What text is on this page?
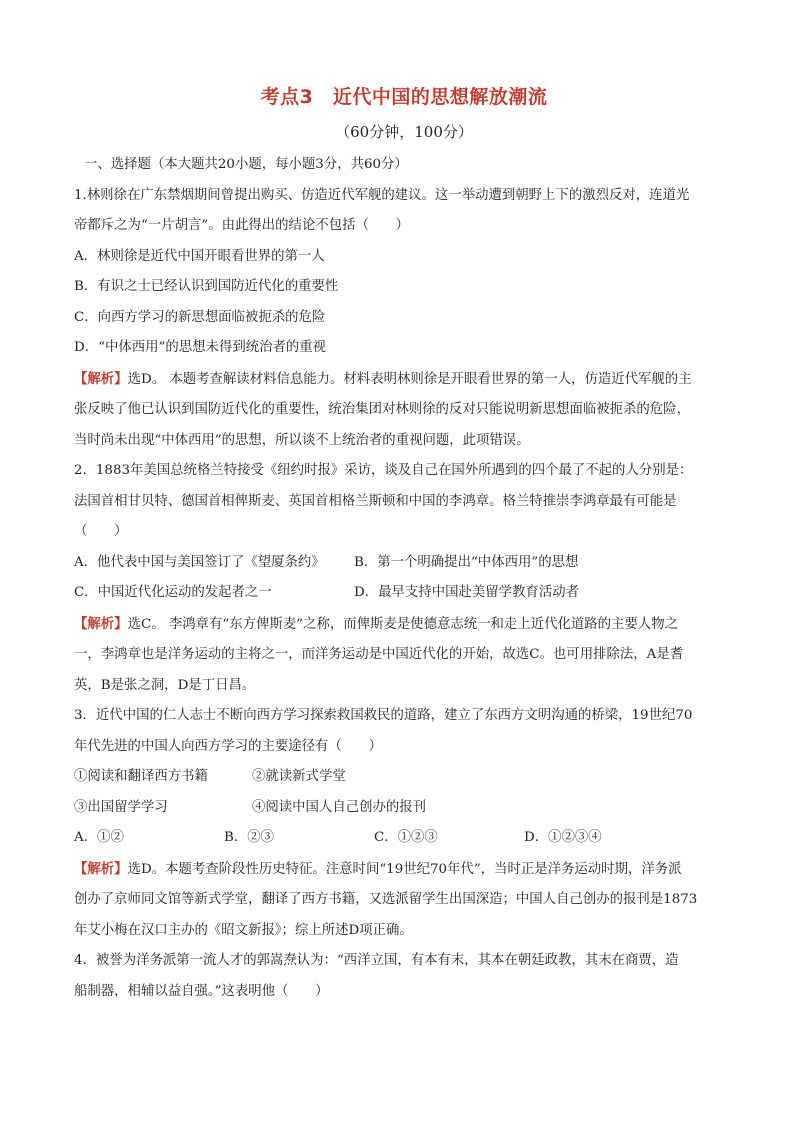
考点3　近代中国的思想解放潮流
（60分钟，100分）
一、选择题（本大题共20小题，每小题3分，共60分）
1.林则徐在广东禁烟期间曾提出购买、仿造近代军舰的建议。这一举动遭到朝野上下的激烈反对，连道光
帝都斥之为“一片胡言”。由此得出的结论不包括（　　）
A．林则徐是近代中国开眼看世界的第一人
B．有识之士已经认识到国防近代化的重要性
C．向西方学习的新思想面临被扼杀的危险
D．“中体西用”的思想未得到统治者的重视
【解析】选D。 本题考查解读材料信息能力。材料表明林则徐是开眼看世界的第一人，仿造近代军舰的主
张反映了他已认识到国防近代化的重要性，统治集团对林则徐的反对只能说明新思想面临被扼杀的危险，
当时尚未出现“中体西用”的思想，所以谈不上统治者的重视问题，此项错误。
2．1883年美国总统格兰特接受《纽约时报》采访，谈及自己在国外所遇到的四个最了不起的人分别是：
法国首相甘贝特、德国首相俾斯麦、英国首相格兰斯顿和中国的李鸿章。格兰特推崇李鸿章最有可能是
（　　）
A．他代表中国与美国签订了《望厦条约》	B．第一个明确提出“中体西用”的思想
C．中国近代化运动的发起者之一	D．最早支持中国赴美留学教育活动者
【解析】选C。 李鸿章有“东方俾斯麦”之称，而俾斯麦是使德意志统一和走上近代化道路的主要人物之
一，李鸿章也是洋务运动的主将之一，而洋务运动是中国近代化的开始，故选C。也可用排除法，A是耆
英，B是张之洞，D是丁日昌。
3．近代中国的仁人志士不断向西方学习探索救国救民的道路，建立了东西方文明沟通的桥梁，19世纪70
年代先进的中国人向西方学习的主要途径有（　　）
①阅读和翻译西方书籍	②就读新式学堂
③出国留学学习	④阅读中国人自己创办的报刊
A．①②	B．②③	C．①②③	D．①②③④
【解析】选D。本题考查阶段性历史特征。注意时间“19世纪70年代”，当时正是洋务运动时期，洋务派
创办了京师同文馆等新式学堂，翻译了西方书籍，又选派留学生出国深造；中国人自己创办的报刊是1873
年艾小梅在汉口主办的《昭文新报》；综上所述D项正确。
4．被誉为洋务派第一流人才的郭嵩焘认为：“西洋立国，有本有末，其本在朝廷政教，其末在商贾，造
船制器，相辅以益自强。”这表明他（　　）
